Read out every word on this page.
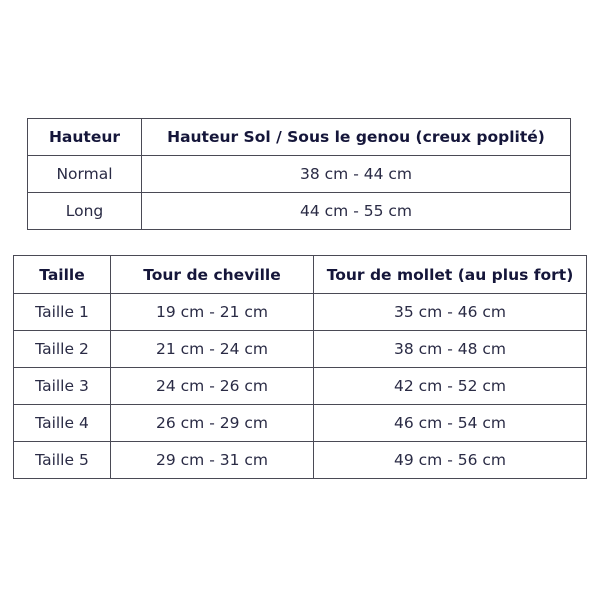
Hauteur	Hauteur Sol / Sous le genou (creux poplité)
Normal	38 cm - 44 cm
Long	44 cm - 55 cm
Taille	Tour de cheville	Tour de mollet (au plus fort)
Taille 1	19 cm - 21 cm	35 cm - 46 cm
Taille 2	21 cm - 24 cm	38 cm - 48 cm
Taille 3	24 cm - 26 cm	42 cm - 52 cm
Taille 4	26 cm - 29 cm	46 cm - 54 cm
Taille 5	29 cm - 31 cm	49 cm - 56 cm
